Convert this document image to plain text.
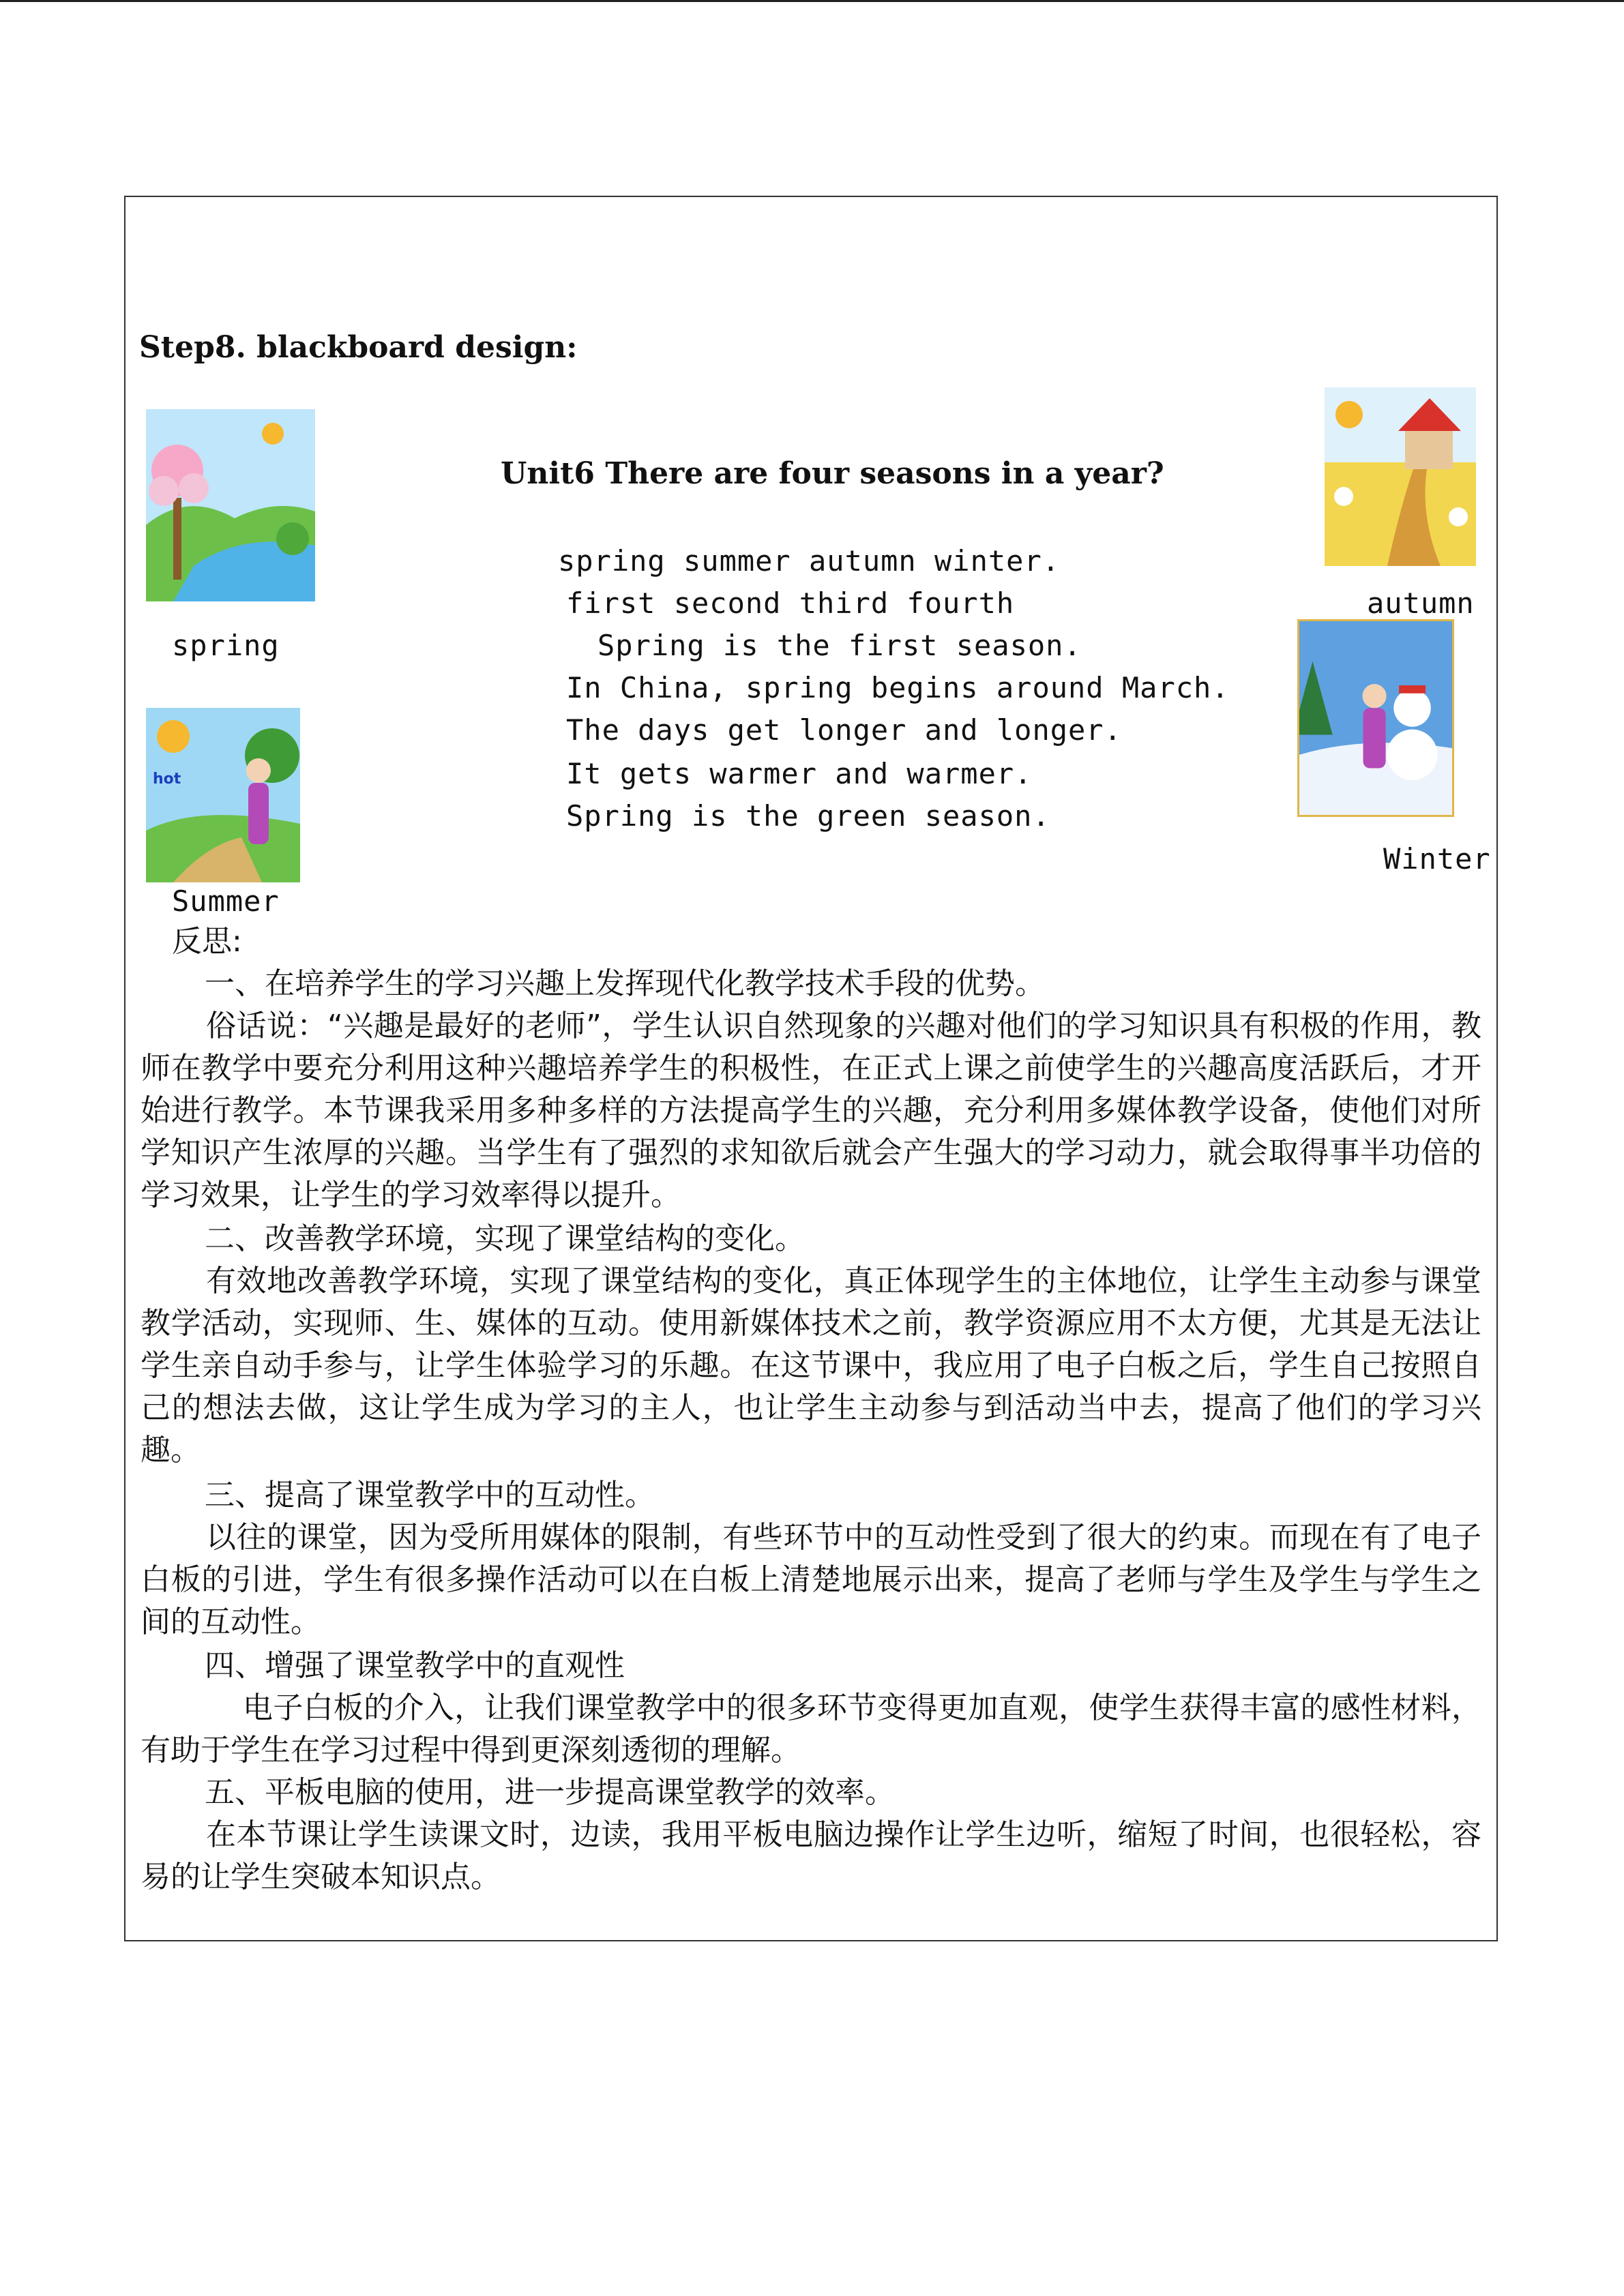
Step8. blackboard design:
Unit6 There are four seasons in a year?
spring summer autumn winter.
first second third fourth
Spring is the first season.
In China, spring begins around March.
The days get longer and longer.
It gets warmer and warmer.
Spring is the green season.
spring
Summer
autumn
Winter
hot
反思:
一、在培养学生的学习兴趣上发挥现代化教学技术手段的优势。
俗话说：“兴趣是最好的老师”，学生认识自然现象的兴趣对他们的学习知识具有积极的作用，教师在教学中要充分利用这种兴趣培养学生的积极性，在正式上课之前使学生的兴趣高度活跃后，才开始进行教学。本节课我采用多种多样的方法提高学生的兴趣，充分利用多媒体教学设备，使他们对所学知识产生浓厚的兴趣。当学生有了强烈的求知欲后就会产生强大的学习动力，就会取得事半功倍的学习效果，让学生的学习效率得以提升。
二、改善教学环境，实现了课堂结构的变化。
有效地改善教学环境，实现了课堂结构的变化，真正体现学生的主体地位，让学生主动参与课堂教学活动，实现师、生、媒体的互动。使用新媒体技术之前，教学资源应用不太方便，尤其是无法让学生亲自动手参与，让学生体验学习的乐趣。在这节课中，我应用了电子白板之后，学生自己按照自己的想法去做，这让学生成为学习的主人，也让学生主动参与到活动当中去，提高了他们的学习兴趣。
三、提高了课堂教学中的互动性。
以往的课堂，因为受所用媒体的限制，有些环节中的互动性受到了很大的约束。而现在有了电子白板的引进，学生有很多操作活动可以在白板上清楚地展示出来，提高了老师与学生及学生与学生之间的互动性。
四、增强了课堂教学中的直观性
电子白板的介入，让我们课堂教学中的很多环节变得更加直观，使学生获得丰富的感性材料，有助于学生在学习过程中得到更深刻透彻的理解。
五、平板电脑的使用，进一步提高课堂教学的效率。
在本节课让学生读课文时，边读，我用平板电脑边操作让学生边听，缩短了时间，也很轻松，容易的让学生突破本知识点。
